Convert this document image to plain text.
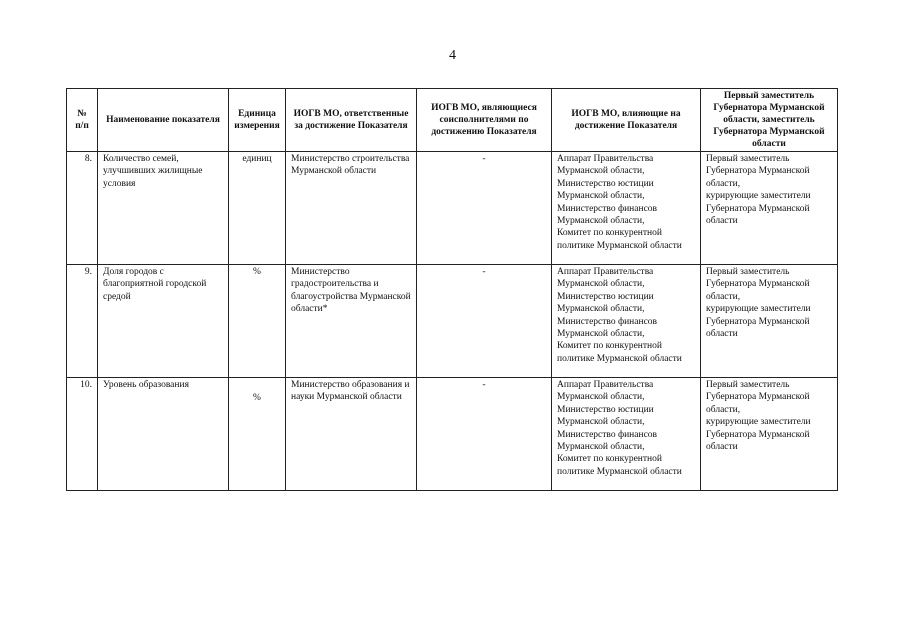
4
№ п/п	Наименование показателя	Единица измерения	ИОГВ МО, ответственные за достижение Показателя	ИОГВ МО, являющиеся соисполнителями по достижению Показателя	ИОГВ МО, влияющие на достижение Показателя	Первый заместитель Губернатора Мурманской области, заместитель Губернатора Мурманской области
8.	Количество семей, улучшивших жилищные условия	единиц	Министерство строительства Мурманской области	-	Аппарат Правительства Мурманской области,
Министерство юстиции Мурманской области,
Министерство финансов Мурманской области,
Комитет по конкурентной политике Мурманской области	Первый заместитель Губернатора Мурманской области,
курирующие заместители Губернатора Мурманской области
9.	Доля городов с благоприятной городской средой	%	Министерство градостроительства и благоустройства Мурманской области*	-	Аппарат Правительства Мурманской области,
Министерство юстиции Мурманской области,
Министерство финансов Мурманской области,
Комитет по конкурентной политике Мурманской области	Первый заместитель Губернатора Мурманской области,
курирующие заместители Губернатора Мурманской области
10.	Уровень образования	%	Министерство образования и науки Мурманской области	-	Аппарат Правительства Мурманской области,
Министерство юстиции Мурманской области,
Министерство финансов Мурманской области,
Комитет по конкурентной политике Мурманской области	Первый заместитель Губернатора Мурманской области,
курирующие заместители Губернатора Мурманской области
